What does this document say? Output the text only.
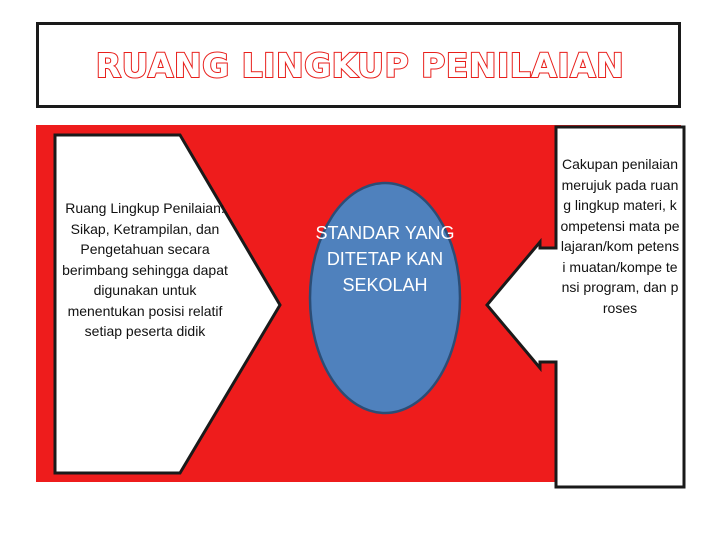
RUANG LINGKUP PENILAIAN
Ruang Lingkup Penilaian:
Sikap, Ketrampilan, dan Pengetahuan secara berimbang sehingga dapat digunakan untuk menentukan posisi relatif setiap peserta didik
STANDAR YANG DITETAP KAN SEKOLAH
Cakupan penilaian merujuk pada ruang lingkup materi, kompetensi mata pelajaran/kom petensi muatan/kompe tensi program, dan proses
